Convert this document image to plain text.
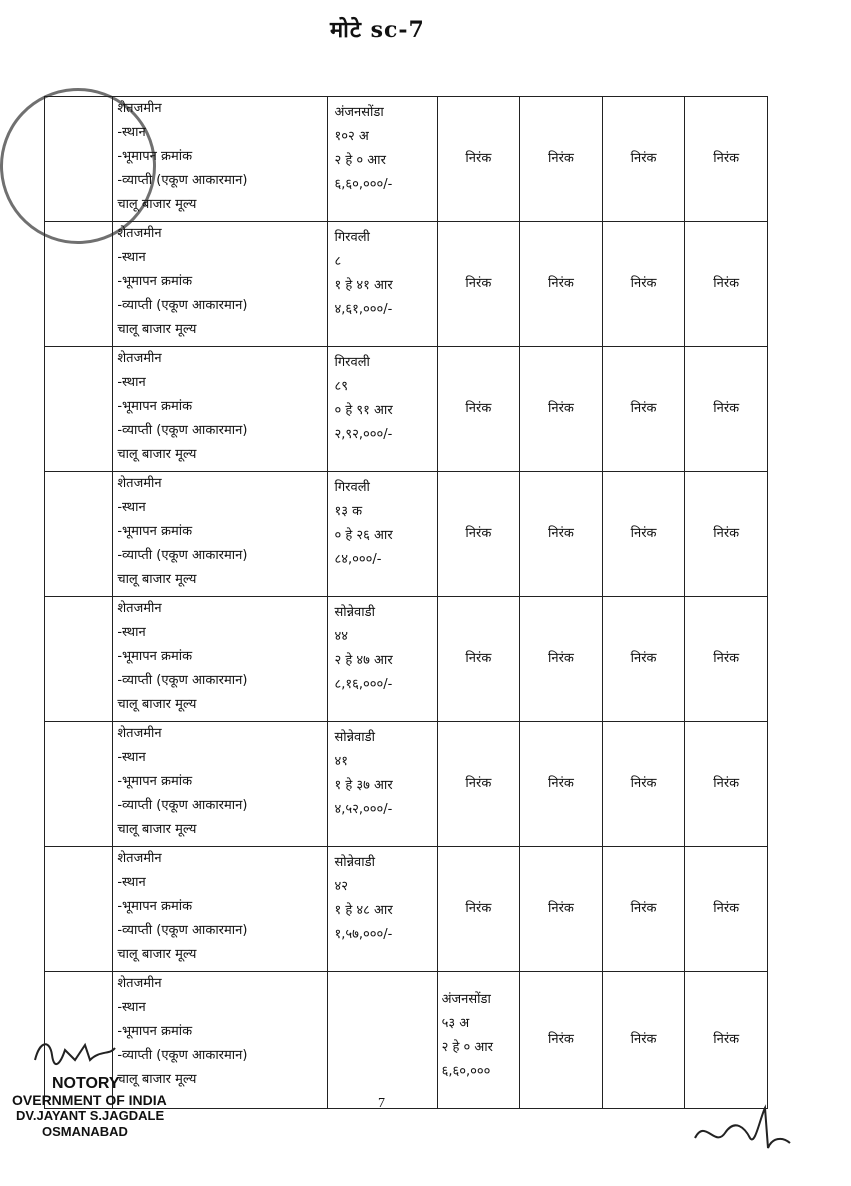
मोटे sc-7

	शेतजमीन
-स्थान
-भूमापन क्रमांक
-व्याप्ती (एकूण आकारमान)
चालू बाजार मूल्य	अंजनसोंडा
१०२ अ
२ हे ० आर
६,६०,०००/-	निरंक	निरंक	निरंक	निरंक

	शेतजमीन
-स्थान
-भूमापन क्रमांक
-व्याप्ती (एकूण आकारमान)
चालू बाजार मूल्य	गिरवली
८
१ हे ४१ आर
४,६१,०००/-	निरंक	निरंक	निरंक	निरंक

	शेतजमीन
-स्थान
-भूमापन क्रमांक
-व्याप्ती (एकूण आकारमान)
चालू बाजार मूल्य	गिरवली
८९
० हे ९१ आर
२,९२,०००/-	निरंक	निरंक	निरंक	निरंक

	शेतजमीन
-स्थान
-भूमापन क्रमांक
-व्याप्ती (एकूण आकारमान)
चालू बाजार मूल्य	गिरवली
१३ क
० हे २६ आर
८४,०००/-	निरंक	निरंक	निरंक	निरंक

	शेतजमीन
-स्थान
-भूमापन क्रमांक
-व्याप्ती (एकूण आकारमान)
चालू बाजार मूल्य	सोन्नेवाडी
४४
२ हे ४७ आर
८,१६,०००/-	निरंक	निरंक	निरंक	निरंक

	शेतजमीन
-स्थान
-भूमापन क्रमांक
-व्याप्ती (एकूण आकारमान)
चालू बाजार मूल्य	सोन्नेवाडी
४१
१ हे ३७ आर
४,५२,०००/-	निरंक	निरंक	निरंक	निरंक

	शेतजमीन
-स्थान
-भूमापन क्रमांक
-व्याप्ती (एकूण आकारमान)
चालू बाजार मूल्य	सोन्नेवाडी
४२
१ हे ४८ आर
१,५७,०००/-	निरंक	निरंक	निरंक	निरंक

	शेतजमीन
-स्थान
-भूमापन क्रमांक
-व्याप्ती (एकूण आकारमान)
चालू बाजार मूल्य		अंजनसोंडा
५३ अ
२ हे ० आर
६,६०,०००	निरंक	निरंक	निरंक
NOTORY
OVERNMENT OF INDIA
DV.JAYANT S.JAGDALE
OSMANABAD
7
